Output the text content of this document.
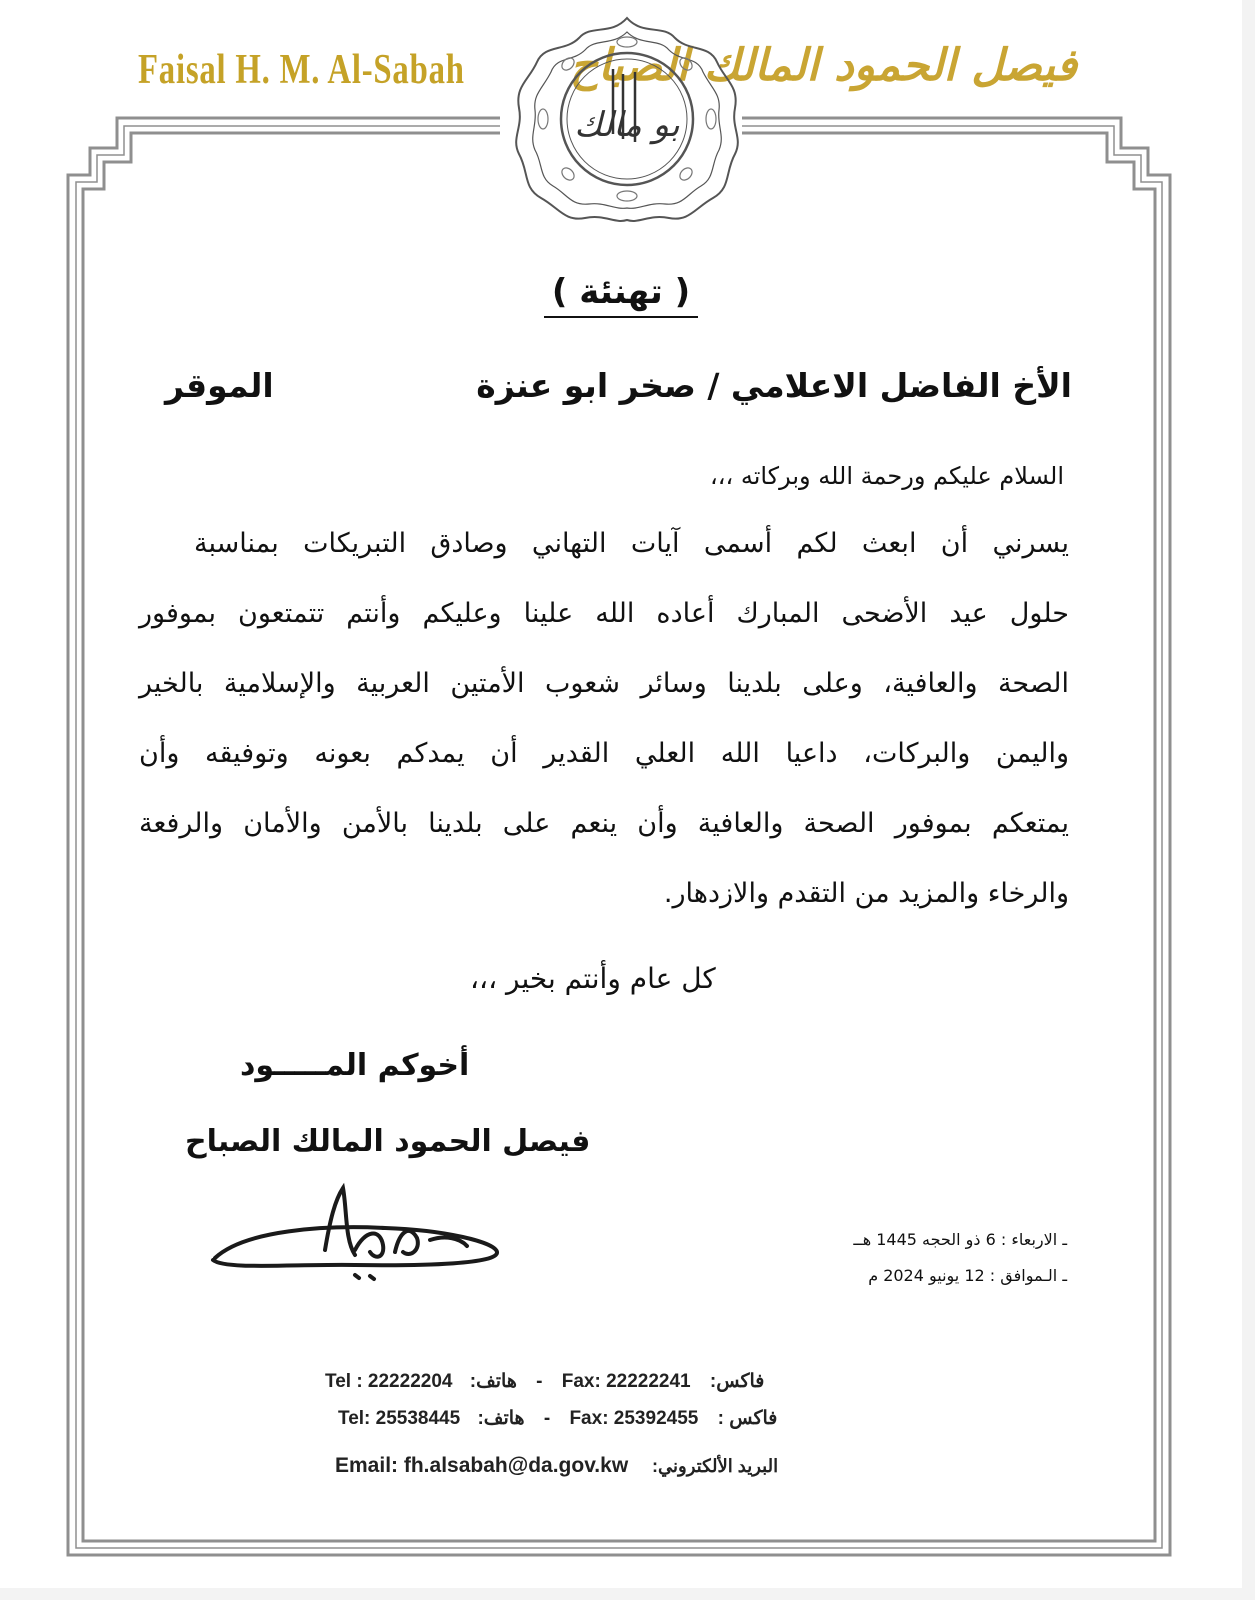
Faisal H. M. Al-Sabah فيصل الحمود المالك الصباح
بو مالك
( تهنئة )
الأخ الفاضل الاعلامي / صخر ابو عنزة
الموقر
السلام عليكم ورحمة الله وبركاته ،،،
يسرني أن ابعث لكم أسمى آيات التهاني وصادق التبريكات بمناسبة
حلول عيد الأضحى المبارك أعاده الله علينا وعليكم وأنتم تتمتعون بموفور
الصحة والعافية، وعلى بلدينا وسائر شعوب الأمتين العربية والإسلامية بالخير
واليمن والبركات، داعيا الله العلي القدير أن يمدكم بعونه وتوفيقه وأن
يمتعكم بموفور الصحة والعافية وأن ينعم على بلدينا بالأمن والأمان والرفعة
والرخاء والمزيد من التقدم والازدهار.
كل عام وأنتم بخير ،،،
أخوكم المـــــود
فيصل الحمود المالك الصباح
ـ الاربعاء : 6 ذو الحجه 1445 هــ
ـ الـموافق : 12 يونيو 2024 م
Tel : 22222204 هاتف: - Fax: 22222241 فاكس:
Tel: 25538445 هاتف: - Fax: 25392455 فاكس :
Email: fh.alsabah@da.gov.kw البريد الألكتروني:
